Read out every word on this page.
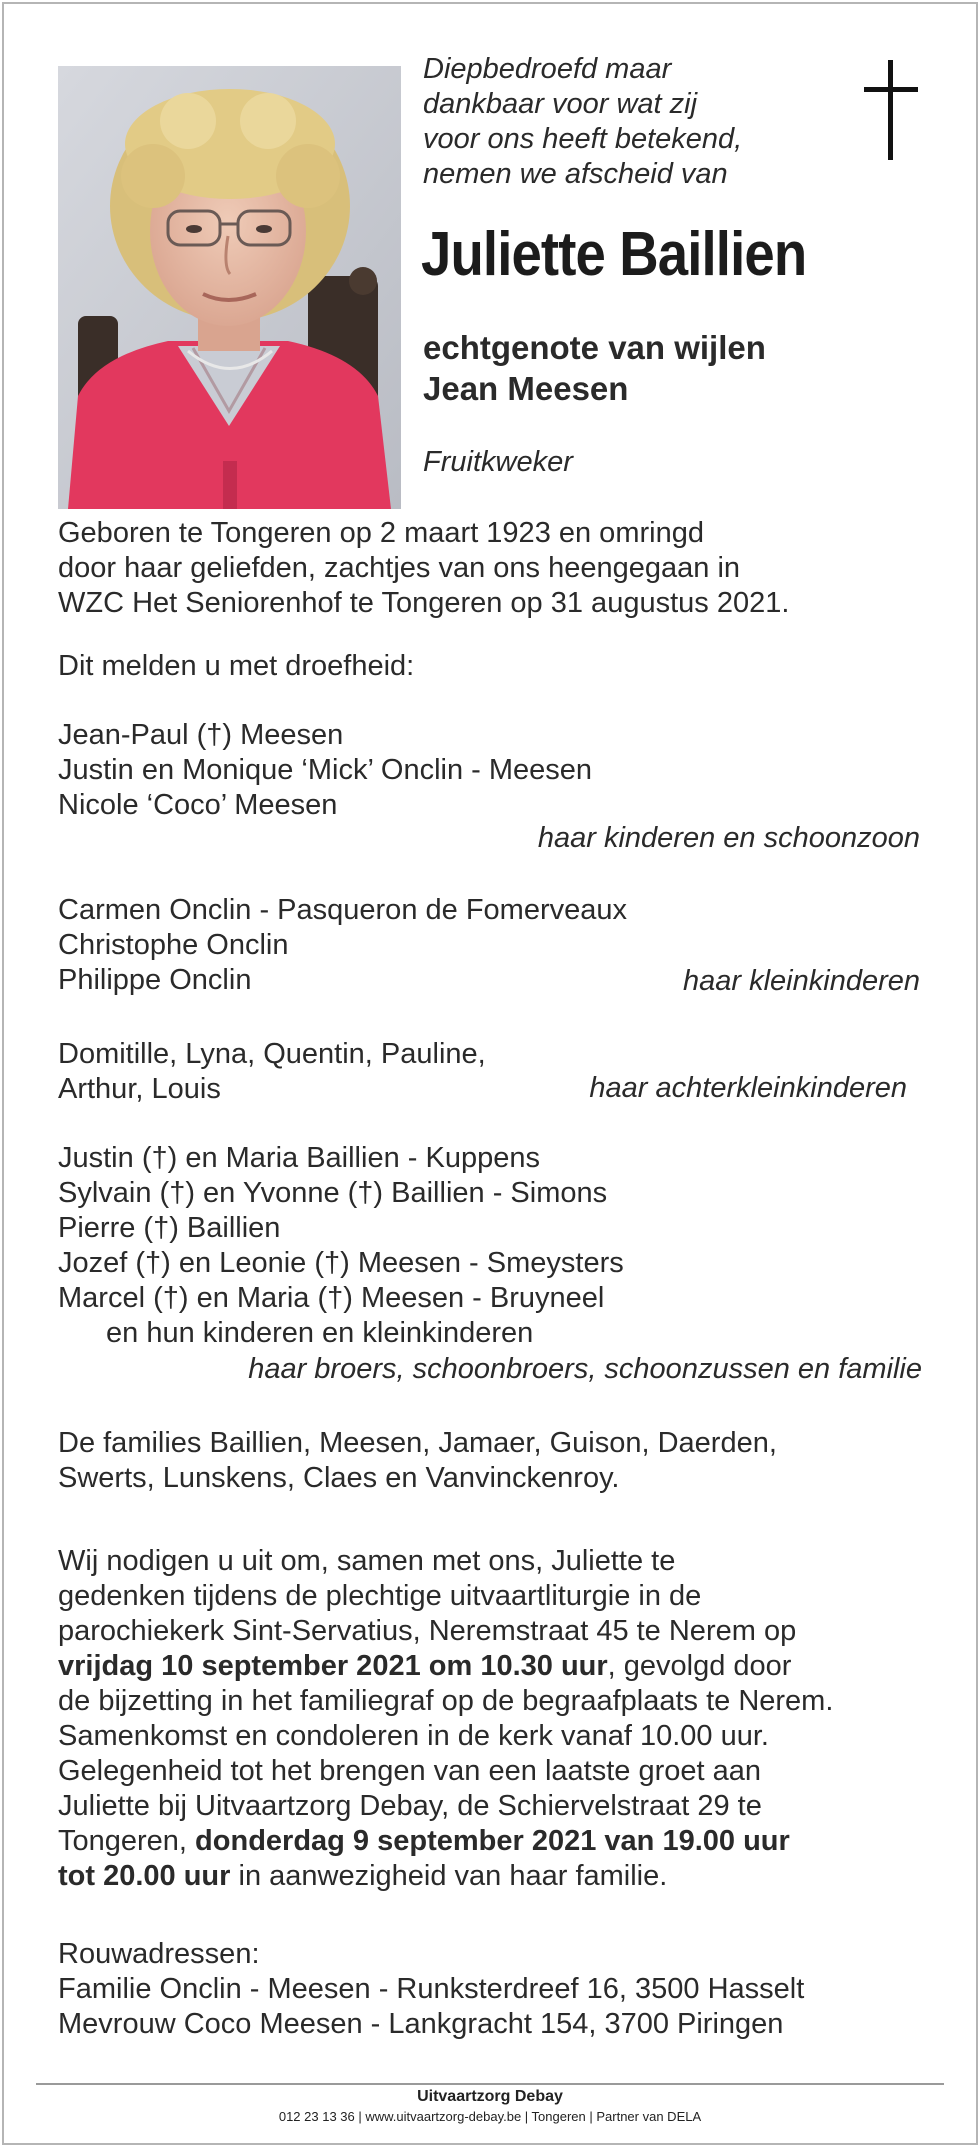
Diepbedroefd maar
dankbaar voor wat zij
voor ons heeft betekend,
nemen we afscheid van
Juliette Baillien
echtgenote van wijlen
Jean Meesen
Fruitkweker
Geboren te Tongeren op 2 maart 1923 en omringd
door haar geliefden, zachtjes van ons heengegaan in
WZC Het Seniorenhof te Tongeren op 31 augustus 2021.
Dit melden u met droefheid:
Jean-Paul (†) Meesen
Justin en Monique ‘Mick’ Onclin - Meesen
Nicole ‘Coco’ Meesen
haar kinderen en schoonzoon
Carmen Onclin - Pasqueron de Fomerveaux
Christophe Onclin
Philippe Onclin	haar kleinkinderen
Domitille, Lyna, Quentin, Pauline,
Arthur, Louis	haar achterkleinkinderen
Justin (†) en Maria Baillien - Kuppens
Sylvain (†) en Yvonne (†) Baillien - Simons
Pierre (†) Baillien
Jozef (†) en Leonie (†) Meesen - Smeysters
Marcel (†) en Maria (†) Meesen - Bruyneel
en hun kinderen en kleinkinderen
haar broers, schoonbroers, schoonzussen en familie
De families Baillien, Meesen, Jamaer, Guison, Daerden,
Swerts, Lunskens, Claes en Vanvinckenroy.
Wij nodigen u uit om, samen met ons, Juliette te
gedenken tijdens de plechtige uitvaartliturgie in de
parochiekerk Sint-Servatius, Neremstraat 45 te Nerem op
vrijdag 10 september 2021 om 10.30 uur, gevolgd door
de bijzetting in het familiegraf op de begraafplaats te Nerem.
Samenkomst en condoleren in de kerk vanaf 10.00 uur.
Gelegenheid tot het brengen van een laatste groet aan
Juliette bij Uitvaartzorg Debay, de Schiervelstraat 29 te
Tongeren, donderdag 9 september 2021 van 19.00 uur
tot 20.00 uur in aanwezigheid van haar familie.
Rouwadressen:
Familie Onclin - Meesen - Runksterdreef 16, 3500 Hasselt
Mevrouw Coco Meesen - Lankgracht 154, 3700 Piringen
Uitvaartzorg Debay
012 23 13 36 | www.uitvaartzorg-debay.be | Tongeren | Partner van DELA
